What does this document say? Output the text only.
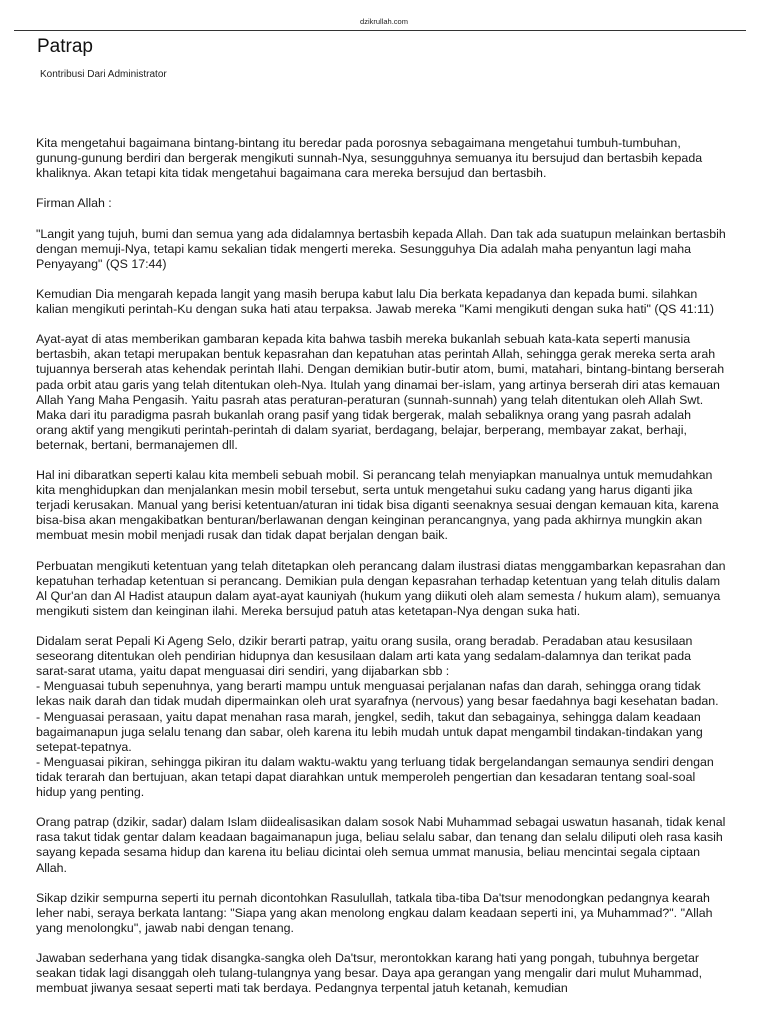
dzikrullah.com
Patrap
Kontribusi Dari Administrator

Kita mengetahui bagaimana bintang-bintang itu beredar pada porosnya sebagaimana mengetahui tumbuh-tumbuhan, gunung-gunung berdiri dan bergerak mengikuti sunnah-Nya, sesungguhnya semuanya itu bersujud dan bertasbih kepada khaliknya. Akan tetapi kita tidak mengetahui bagaimana cara mereka bersujud dan bertasbih.

Firman Allah :

"Langit yang tujuh, bumi dan semua yang ada didalamnya bertasbih kepada Allah. Dan tak ada suatupun melainkan bertasbih dengan memuji-Nya, tetapi kamu sekalian tidak mengerti mereka. Sesungguhya Dia adalah maha penyantun lagi maha Penyayang" (QS 17:44)

Kemudian Dia mengarah kepada langit yang masih berupa kabut lalu Dia berkata kepadanya dan kepada bumi. silahkan kalian mengikuti perintah-Ku dengan suka hati atau terpaksa. Jawab mereka "Kami mengikuti dengan suka hati" (QS 41:11)

Ayat-ayat di atas memberikan gambaran kepada kita bahwa tasbih mereka bukanlah sebuah kata-kata seperti manusia bertasbih, akan tetapi merupakan bentuk kepasrahan dan kepatuhan atas perintah Allah, sehingga gerak mereka serta arah tujuannya berserah atas kehendak perintah Ilahi. Dengan demikian butir-butir atom, bumi, matahari, bintang-bintang berserah pada orbit atau garis yang telah ditentukan oleh-Nya. Itulah yang dinamai ber-islam, yang artinya berserah diri atas kemauan Allah Yang Maha Pengasih. Yaitu pasrah atas peraturan-peraturan (sunnah-sunnah) yang telah ditentukan oleh Allah Swt. Maka dari itu paradigma pasrah bukanlah orang pasif yang tidak bergerak, malah sebaliknya orang yang pasrah adalah orang aktif yang mengikuti perintah-perintah di dalam syariat, berdagang, belajar, berperang, membayar zakat, berhaji, beternak, bertani, bermanajemen dll.

Hal ini dibaratkan seperti kalau kita membeli sebuah mobil. Si perancang telah menyiapkan manualnya untuk memudahkan kita menghidupkan dan menjalankan mesin mobil tersebut, serta untuk mengetahui suku cadang yang harus diganti jika terjadi kerusakan. Manual yang berisi ketentuan/aturan ini tidak bisa diganti seenaknya sesuai dengan kemauan kita, karena bisa-bisa akan mengakibatkan benturan/berlawanan dengan keinginan perancangnya, yang pada akhirnya mungkin akan membuat mesin mobil menjadi rusak dan tidak dapat berjalan dengan baik.

Perbuatan mengikuti ketentuan yang telah ditetapkan oleh perancang dalam ilustrasi diatas menggambarkan kepasrahan dan kepatuhan terhadap ketentuan si perancang. Demikian pula dengan kepasrahan terhadap ketentuan yang telah ditulis dalam Al Qur'an dan Al Hadist ataupun dalam ayat-ayat kauniyah (hukum yang diikuti oleh alam semesta / hukum alam), semuanya mengikuti sistem dan keinginan ilahi. Mereka bersujud patuh atas ketetapan-Nya dengan suka hati.

Didalam serat Pepali Ki Ageng Selo, dzikir berarti patrap, yaitu orang susila, orang beradab. Peradaban atau kesusilaan seseorang ditentukan oleh pendirian hidupnya dan kesusilaan dalam arti kata yang sedalam-dalamnya dan terikat pada sarat-sarat utama, yaitu dapat menguasai diri sendiri, yang dijabarkan sbb :
- Menguasai tubuh sepenuhnya, yang berarti mampu untuk menguasai perjalanan nafas dan darah, sehingga orang tidak lekas naik darah dan tidak mudah dipermainkan oleh urat syarafnya (nervous) yang besar faedahnya bagi kesehatan badan.
- Menguasai perasaan, yaitu dapat menahan rasa marah, jengkel, sedih, takut dan sebagainya, sehingga dalam keadaan bagaimanapun juga selalu tenang dan sabar, oleh karena itu lebih mudah untuk dapat mengambil tindakan-tindakan yang setepat-tepatnya.
- Menguasai pikiran, sehingga pikiran itu dalam waktu-waktu yang terluang tidak bergelandangan semaunya sendiri dengan tidak terarah dan bertujuan, akan tetapi dapat diarahkan untuk memperoleh pengertian dan kesadaran tentang soal-soal hidup yang penting.

Orang patrap (dzikir, sadar) dalam Islam diidealisasikan dalam sosok Nabi Muhammad sebagai uswatun hasanah, tidak kenal rasa takut tidak gentar dalam keadaan bagaimanapun juga, beliau selalu sabar, dan tenang dan selalu diliputi oleh rasa kasih sayang kepada sesama hidup dan karena itu beliau dicintai oleh semua ummat manusia, beliau mencintai segala ciptaan Allah.

Sikap dzikir sempurna seperti itu pernah dicontohkan Rasulullah, tatkala tiba-tiba Da'tsur menodongkan pedangnya kearah leher nabi, seraya berkata lantang: "Siapa yang akan menolong engkau dalam keadaan seperti ini, ya Muhammad?". "Allah yang menolongku", jawab nabi dengan tenang.

Jawaban sederhana yang tidak disangka-sangka oleh Da'tsur, merontokkan karang hati yang pongah, tubuhnya bergetar seakan tidak lagi disanggah oleh tulang-tulangnya yang besar. Daya apa gerangan yang mengalir dari mulut Muhammad, membuat jiwanya sesaat seperti mati tak berdaya. Pedangnya terpental jatuh ketanah, kemudian
